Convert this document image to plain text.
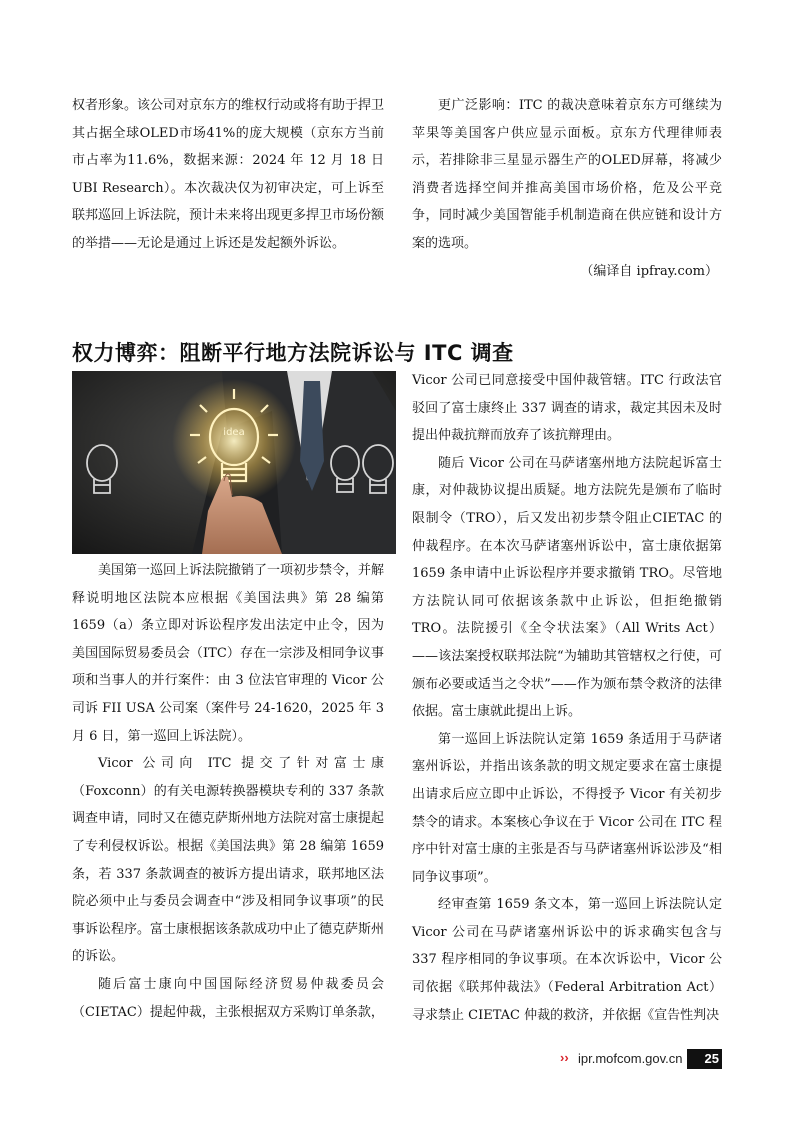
权者形象。该公司对京东方的维权行动或将有助于捍卫其占据全球OLED市场41%的庞大规模（京东方当前市占率为11.6%，数据来源：2024 年 12 月 18 日 UBI Research）。本次裁决仅为初审决定，可上诉至联邦巡回上诉法院，预计未来将出现更多捍卫市场份额的举措——无论是通过上诉还是发起额外诉讼。

更广泛影响：ITC 的裁决意味着京东方可继续为苹果等美国客户供应显示面板。京东方代理律师表示，若排除非三星显示器生产的OLED屏幕，将减少消费者选择空间并推高美国市场价格，危及公平竞争，同时减少美国智能手机制造商在供应链和设计方案的选项。

（编译自 ipfray.com）

权力博弈：阻断平行地方法院诉讼与 ITC 调查
idea

美国第一巡回上诉法院撤销了一项初步禁令，并解释说明地区法院本应根据《美国法典》第 28 编第 1659（a）条立即对诉讼程序发出法定中止令，因为美国国际贸易委员会（ITC）存在一宗涉及相同争议事项和当事人的并行案件：由 3 位法官审理的 Vicor 公司诉 FII USA 公司案（案件号 24-1620，2025 年 3 月 6 日，第一巡回上诉法院）。

Vicor 公司向 ITC 提交了针对富士康（Foxconn）的有关电源转换器模块专利的 337 条款调查申请，同时又在德克萨斯州地方法院对富士康提起了专利侵权诉讼。根据《美国法典》第 28 编第 1659 条，若 337 条款调查的被诉方提出请求，联邦地区法院必须中止与委员会调查中“涉及相同争议事项”的民事诉讼程序。富士康根据该条款成功中止了德克萨斯州的诉讼。

随后富士康向中国国际经济贸易仲裁委员会（CIETAC）提起仲裁，主张根据双方采购订单条款，

Vicor 公司已同意接受中国仲裁管辖。ITC 行政法官驳回了富士康终止 337 调查的请求，裁定其因未及时提出仲裁抗辩而放弃了该抗辩理由。

随后 Vicor 公司在马萨诸塞州地方法院起诉富士康，对仲裁协议提出质疑。地方法院先是颁布了临时限制令（TRO），后又发出初步禁令阻止CIETAC 的仲裁程序。在本次马萨诸塞州诉讼中，富士康依据第 1659 条申请中止诉讼程序并要求撤销 TRO。尽管地方法院认同可依据该条款中止诉讼，但拒绝撤销 TRO。法院援引《全令状法案》（All Writs Act）——该法案授权联邦法院“为辅助其管辖权之行使，可颁布必要或适当之令状”——作为颁布禁令救济的法律依据。富士康就此提出上诉。

第一巡回上诉法院认定第 1659 条适用于马萨诸塞州诉讼，并指出该条款的明文规定要求在富士康提出请求后应立即中止诉讼，不得授予 Vicor 有关初步禁令的请求。本案核心争议在于 Vicor 公司在 ITC 程序中针对富士康的主张是否与马萨诸塞州诉讼涉及“相同争议事项”。

经审查第 1659 条文本，第一巡回上诉法院认定 Vicor 公司在马萨诸塞州诉讼中的诉求确实包含与 337 程序相同的争议事项。在本次诉讼中，Vicor 公司依据《联邦仲裁法》（Federal Arbitration Act）寻求禁止 CIETAC 仲裁的救济，并依据《宣告性判决

›› ipr.mofcom.gov.cn	25
